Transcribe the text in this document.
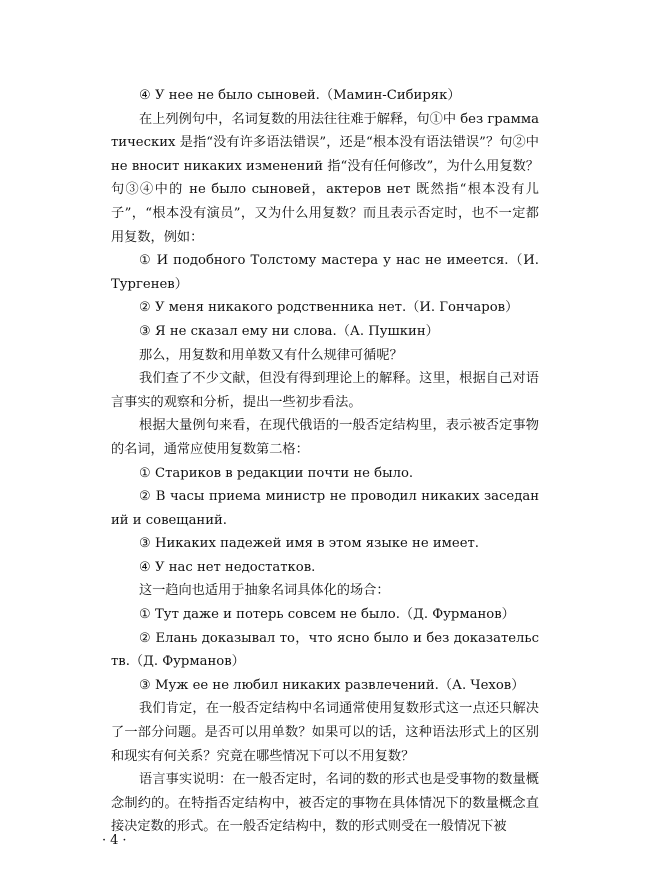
④ У нее не было сыновей.（Мамин-Сибиряк）

在上列例句中，名词复数的用法往往难于解释，句①中 без грамматических 是指“没有许多语法错误”，还是“根本没有语法错误”？句②中 не вносит никаких изменений 指“没有任何修改”，为什么用复数？句③④中的 не было сыновей，актеров нет 既然指“根本没有儿子”，“根本没有演员”，又为什么用复数？而且表示否定时，也不一定都用复数，例如：

① И подобного Толстому мастера у нас не имеется.（И. Тургенев）

② У меня никакого родственника нет.（И. Гончаров）

③ Я не сказал ему ни слова.（А. Пушкин）

那么，用复数和用单数又有什么规律可循呢？

我们查了不少文献，但没有得到理论上的解释。这里，根据自己对语言事实的观察和分析，提出一些初步看法。

根据大量例句来看，在现代俄语的一般否定结构里，表示被否定事物的名词，通常应使用复数第二格：

① Стариков в редакции почти не было.

② В часы приема министр не проводил никаких заседаний и совещаний.

③ Никаких падежей имя в этом языке не имеет.

④ У нас нет недостатков.

这一趋向也适用于抽象名词具体化的场合：

① Тут даже и потерь совсем не было.（Д. Фурманов）

② Елань доказывал то，что ясно было и без доказательств.（Д. Фурманов）

③ Муж ее не любил никаких развлечений.（А. Чехов）

我们肯定，在一般否定结构中名词通常使用复数形式这一点还只解决了一部分问题。是否可以用单数？如果可以的话，这种语法形式上的区别和现实有何关系？究竟在哪些情况下可以不用复数？

语言事实说明：在一般否定时，名词的数的形式也是受事物的数量概念制约的。在特指否定结构中，被否定的事物在具体情况下的数量概念直接决定数的形式。在一般否定结构中，数的形式则受在一般情况下被

·4·
